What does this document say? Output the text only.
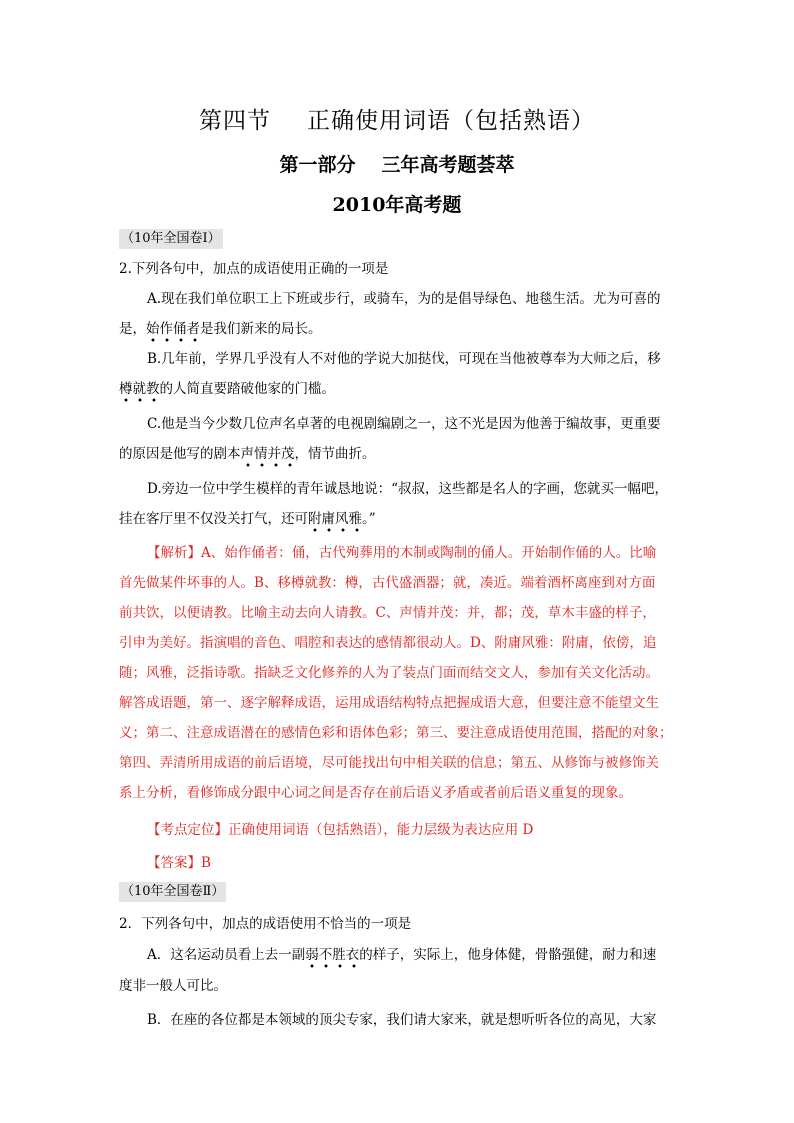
第四节 正确使用词语（包括熟语）
第一部分 三年高考题荟萃
2010年高考题
（10年全国卷Ⅰ）
2.下列各句中，加点的成语使用正确的一项是
A.现在我们单位职工上下班或步行，或骑车，为的是倡导绿色、地毯生活。尤为可喜的
是，始作俑者是我们新来的局长。
B.几年前，学界几乎没有人不对他的学说大加挞伐，可现在当他被尊奉为大师之后，移
樽就教的人简直要踏破他家的门槛。
C.他是当今少数几位声名卓著的电视剧编剧之一，这不光是因为他善于编故事，更重要
的原因是他写的剧本声情并茂，情节曲折。
D.旁边一位中学生模样的青年诚恳地说：“叔叔，这些都是名人的字画，您就买一幅吧，
挂在客厅里不仅没关打气，还可附庸风雅。”
【解析】A、始作俑者：俑，古代殉葬用的木制或陶制的俑人。开始制作俑的人。比喻
首先做某件坏事的人。B、移樽就教：樽，古代盛酒器；就，凑近。端着酒杯离座到对方面
前共饮，以便请教。比喻主动去向人请教。C、声情并茂：并，都；茂，草木丰盛的样子，
引申为美好。指演唱的音色、唱腔和表达的感情都很动人。D、附庸风雅：附庸，依傍，追
随；风雅，泛指诗歌。指缺乏文化修养的人为了装点门面而结交文人，参加有关文化活动。
解答成语题，第一、逐字解释成语，运用成语结构特点把握成语大意，但要注意不能望文生
义；第二、注意成语潜在的感情色彩和语体色彩；第三、要注意成语使用范围，搭配的对象；
第四、弄清所用成语的前后语境，尽可能找出句中相关联的信息；第五、从修饰与被修饰关
系上分析，看修饰成分跟中心词之间是否存在前后语义矛盾或者前后语义重复的现象。
【考点定位】正确使用词语（包括熟语），能力层级为表达应用 D
【答案】B
（10年全国卷Ⅱ）
2．下列各句中，加点的成语使用不恰当的一项是
A．这名运动员看上去一副弱不胜衣的样子，实际上，他身体健，骨骼强健，耐力和速
度非一般人可比。
B．在座的各位都是本领域的顶尖专家，我们请大家来，就是想听听各位的高见，大家
